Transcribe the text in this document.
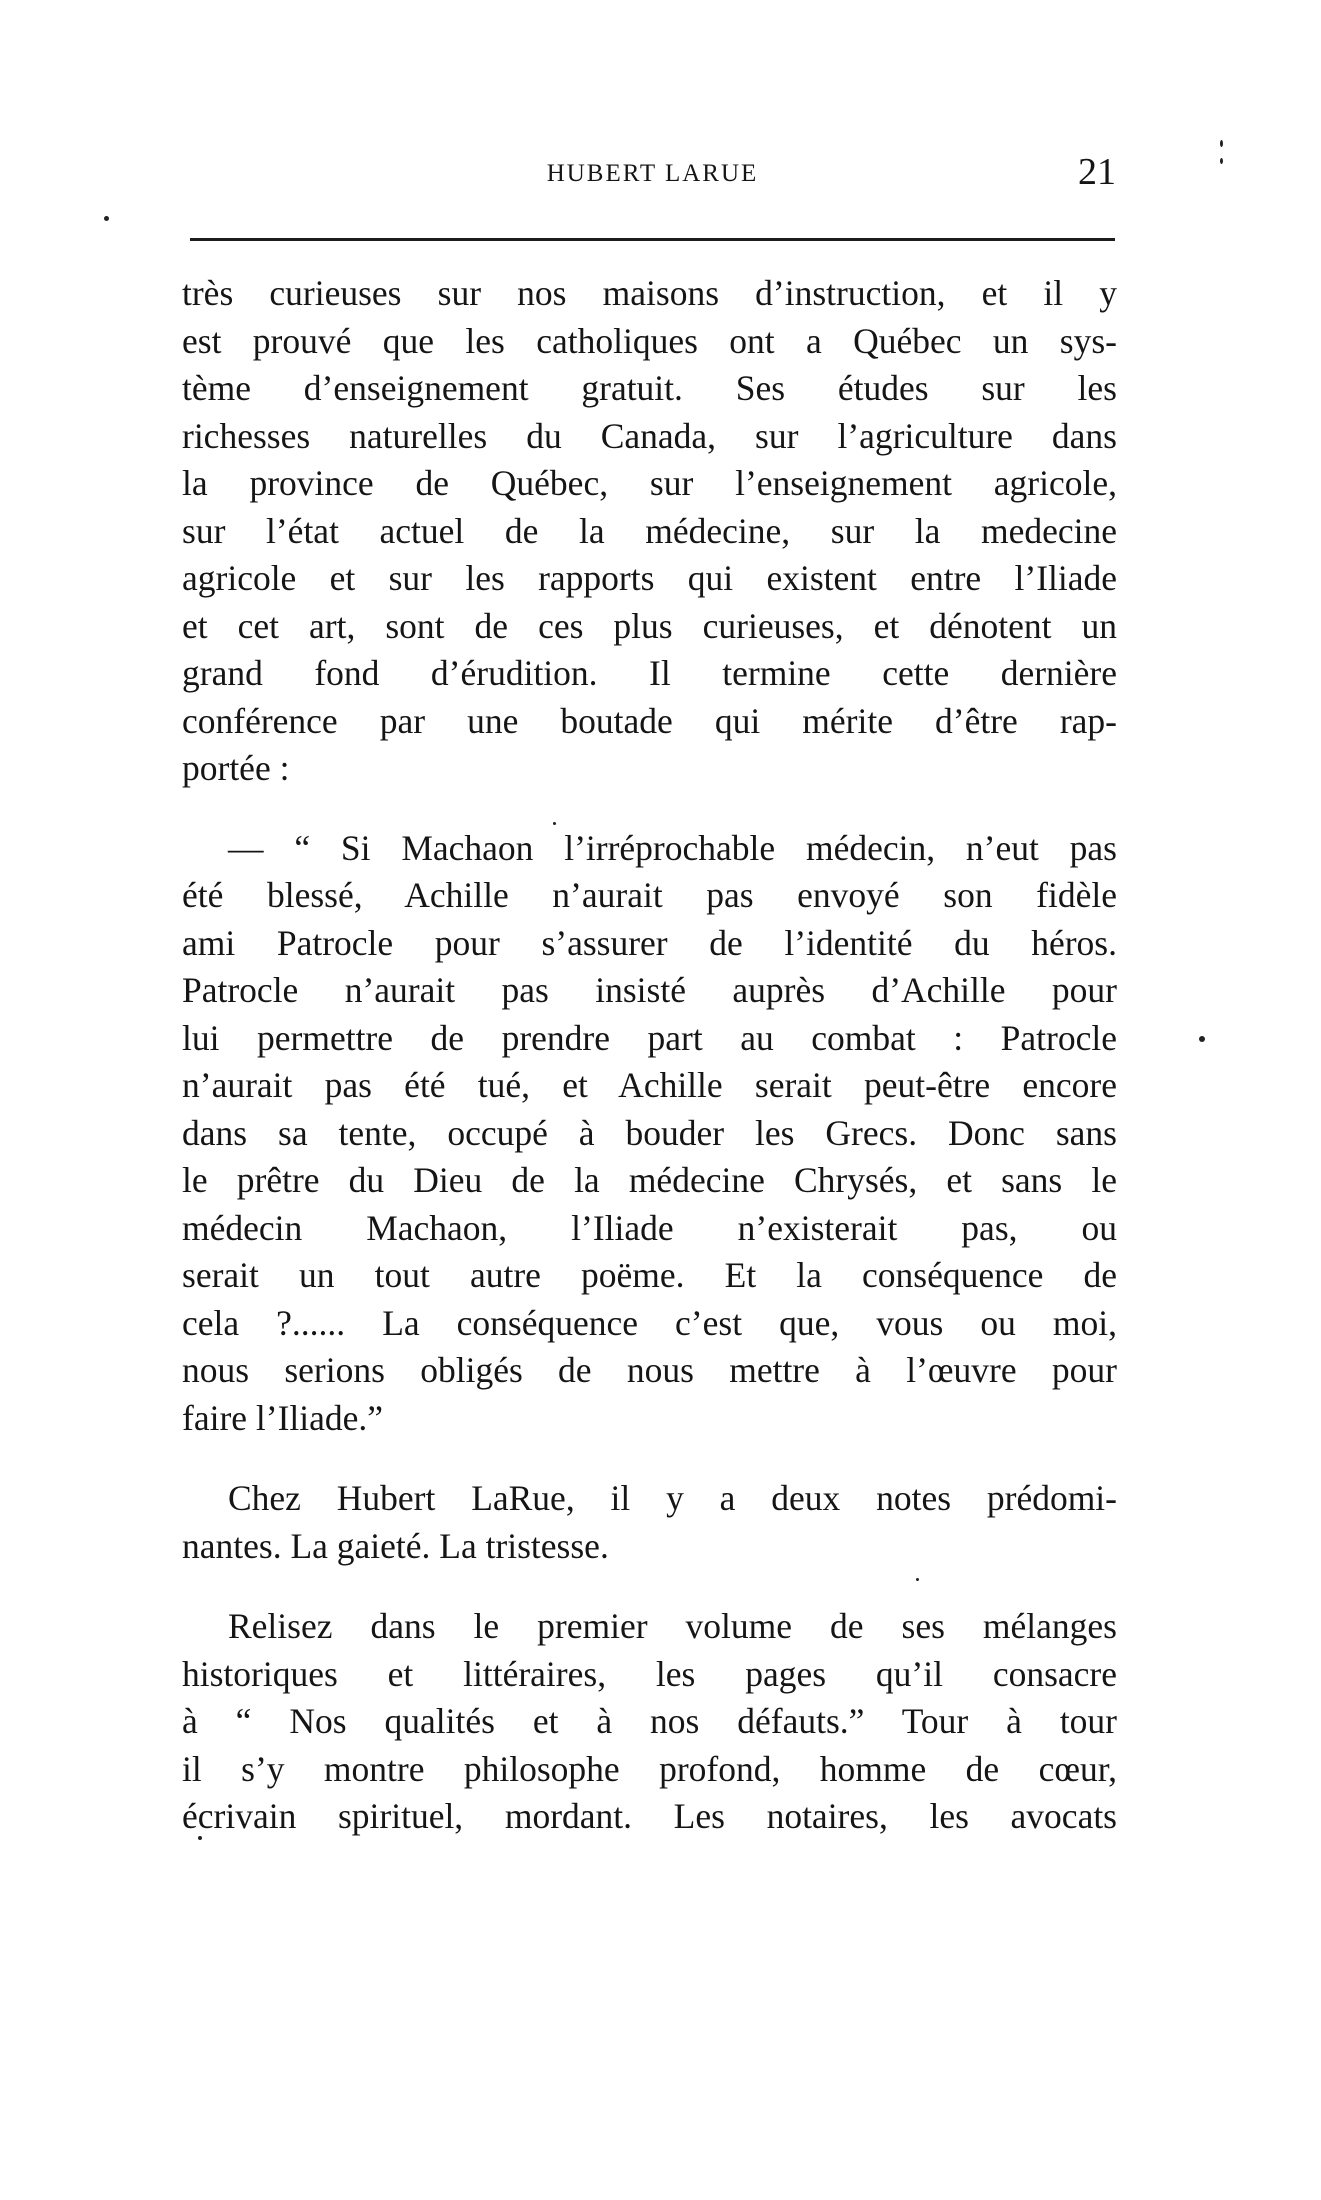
HUBERT LARUE	21

très curieuses sur nos maisons d’instruction, et il y
est prouvé que les catholiques ont a Québec un sys-
tème d’enseignement gratuit. Ses études sur les
richesses naturelles du Canada, sur l’agriculture dans
la province de Québec, sur l’enseignement agricole,
sur l’état actuel de la médecine, sur la medecine
agricole et sur les rapports qui existent entre l’Iliade
et cet art, sont de ces plus curieuses, et dénotent un
grand fond d’érudition. Il termine cette dernière
conférence par une boutade qui mérite d’être rap-
portée :

— “ Si Machaon l’irréprochable médecin, n’eut pas
été blessé, Achille n’aurait pas envoyé son fidèle
ami Patrocle pour s’assurer de l’identité du héros.
Patrocle n’aurait pas insisté auprès d’Achille pour
lui permettre de prendre part au combat : Patrocle
n’aurait pas été tué, et Achille serait peut-être encore
dans sa tente, occupé à bouder les Grecs. Donc sans
le prêtre du Dieu de la médecine Chrysés, et sans le
médecin Machaon, l’Iliade n’existerait pas, ou
serait un tout autre poëme. Et la conséquence de
cela ?...... La conséquence c’est que, vous ou moi,
nous serions obligés de nous mettre à l’œuvre pour
faire l’Iliade.”

Chez Hubert LaRue, il y a deux notes prédomi-
nantes. La gaieté. La tristesse.

Relisez dans le premier volume de ses mélanges
historiques et littéraires, les pages qu’il consacre
à “ Nos qualités et à nos défauts.” Tour à tour
il s’y montre philosophe profond, homme de cœur,
écrivain spirituel, mordant. Les notaires, les avocats
